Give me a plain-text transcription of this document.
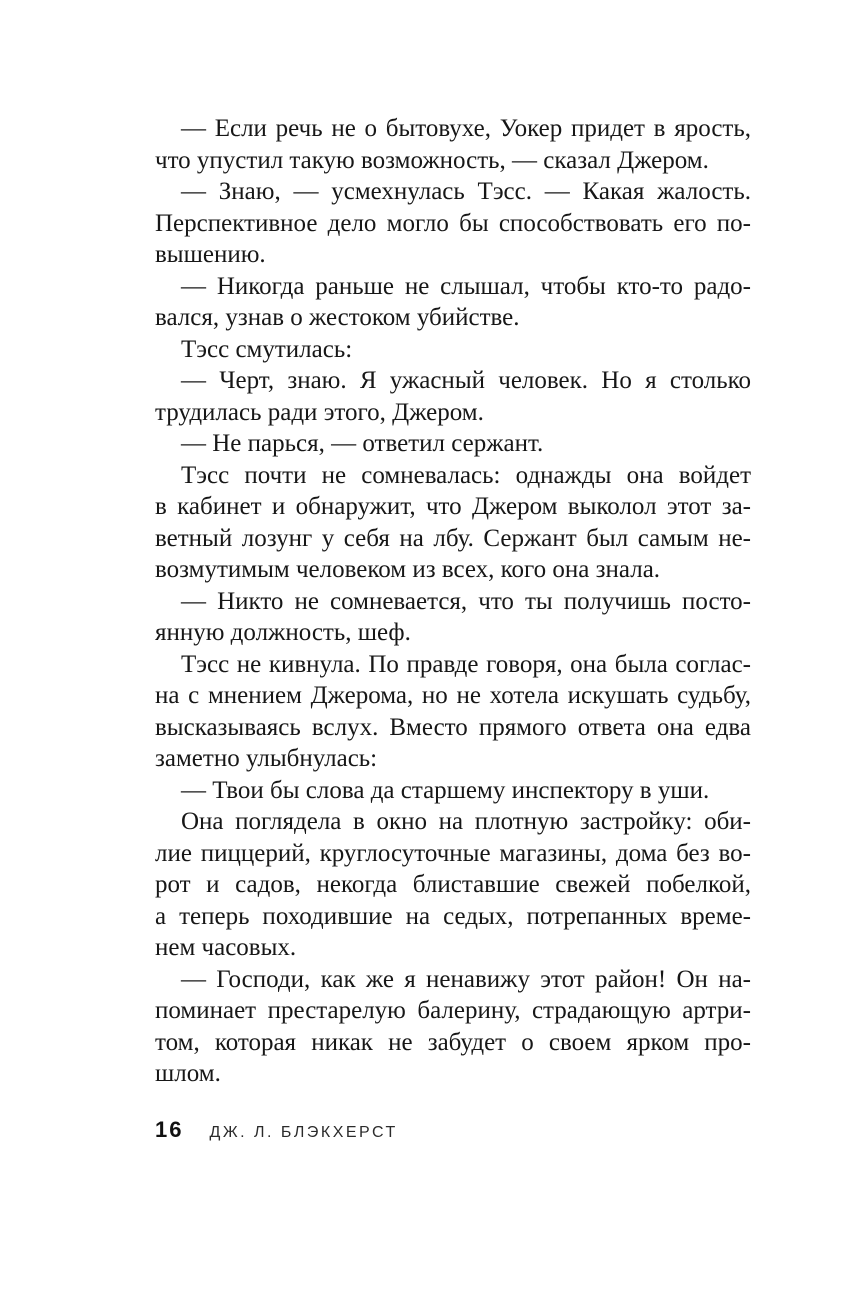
— Если речь не о бытовухе, Уокер придет в ярость,
что упустил такую возможность, — сказал Джером.
— Знаю, — усмехнулась Тэсс. — Какая жалость.
Перспективное дело могло бы способствовать его по-
вышению.
— Никогда раньше не слышал, чтобы кто-то радо-
вался, узнав о жестоком убийстве.
Тэсс смутилась:
— Черт, знаю. Я ужасный человек. Но я столько
трудилась ради этого, Джером.
— Не парься, — ответил сержант.
Тэсс почти не сомневалась: однажды она войдет
в кабинет и обнаружит, что Джером выколол этот за-
ветный лозунг у себя на лбу. Сержант был самым не-
возмутимым человеком из всех, кого она знала.
— Никто не сомневается, что ты получишь посто-
янную должность, шеф.
Тэсс не кивнула. По правде говоря, она была соглас-
на с мнением Джерома, но не хотела искушать судьбу,
высказываясь вслух. Вместо прямого ответа она едва
заметно улыбнулась:
— Твои бы слова да старшему инспектору в уши.
Она поглядела в окно на плотную застройку: оби-
лие пиццерий, круглосуточные магазины, дома без во-
рот и садов, некогда блиставшие свежей побелкой,
а теперь походившие на седых, потрепанных време-
нем часовых.
— Господи, как же я ненавижу этот район! Он на-
поминает престарелую балерину, страдающую артри-
том, которая никак не забудет о своем ярком про-
шлом.
16 ДЖ. Л. БЛЭКХЕРСТ
